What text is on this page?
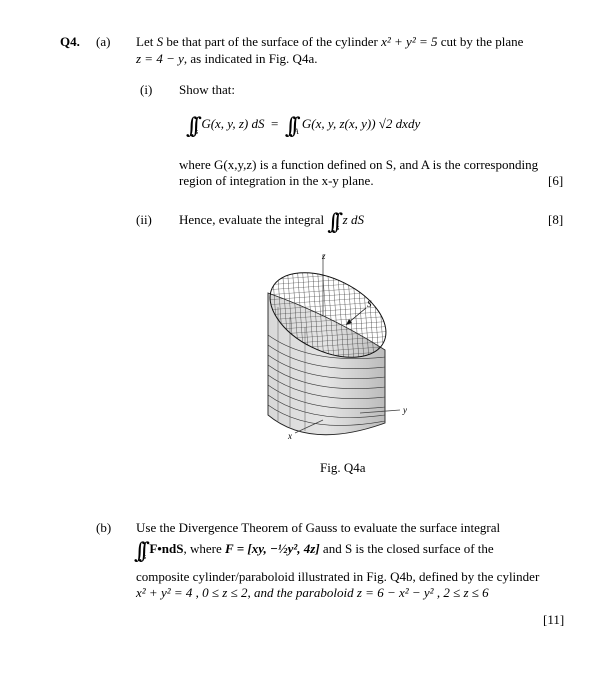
Q4. (a) Let S be that part of the surface of the cylinder x² + y² = 5 cut by the plane
z = 4 − y, as indicated in Fig. Q4a.
(i) Show that:
$\int\int_s$ G(x, y, z) dS = $\int\int_A$ G(x, y, z(x, y)) √2 dxdy
where G(x,y,z) is a function defined on S, and A is the corresponding
region of integration in the x-y plane.	[6]
(ii) Hence, evaluate the integral $\int\int_s$ z dS	[8]
z
y
x
S
Fig. Q4a
(b) Use the Divergence Theorem of Gauss to evaluate the surface integral
$\int\int_s$ F•ndS, where F = [xy, −½y², 4z] and S is the closed surface of the
composite cylinder/paraboloid illustrated in Fig. Q4b, defined by the cylinder
x² + y² = 4 , 0 ≤ z ≤ 2, and the paraboloid z = 6 − x² − y² , 2 ≤ z ≤ 6
[11]
